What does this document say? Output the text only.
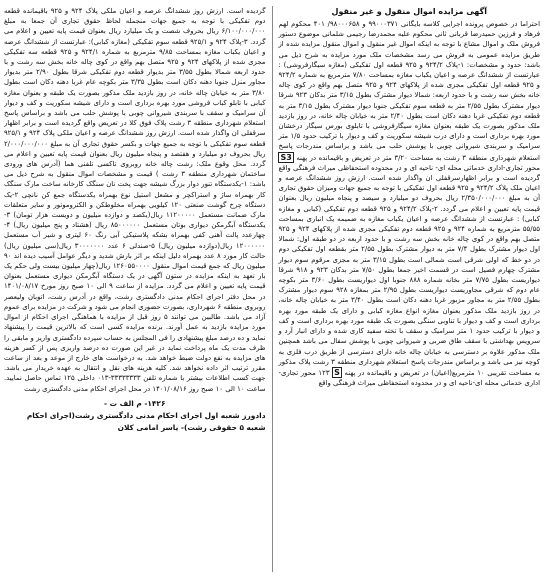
آگهی مزایده اموال منقول و غیر منقول

احتراما در خصوص پرونده اجرایی کلاسه بایگانی ۹۹۰۰۰۳۷۱ و ۹۸۰۰۰۶۵۸/ ۴۰۱ محکوم لهم فرهاد و فرزین حمیدرضا قربانی ثانی محکوم علیه محمدرضا رجیمی شلمانی موضوع دستور فروش ملک و اموال مشاع با توجه به اینکه اموال غیر منقول و اموال منقول مزایده شده از طریق مزایده عمومی به فروش می رسد مشخصات ملک مورد مزایده به شرح ذیل می باشد: حدود و مشخصات: ۱-پلاک ۹۲۴/۲ و ۹۲۵ قطعه اول تفکیکی (مغازه سیگارفروشی) : عبارتست از ششدانگ عرصه و اعیان یکباب مغازه بمساحت ۷/۸۰ مترمربع به شماره ۹۲۴/۲ و ۹۲۵ قطعه اول تفکیکی مجزی شده از پلاکهای ۹۲۴ و ۹۲۵ متصل بهم واقع در کوی چاله خانه بخش سه رشت و با حدود اربعه: شمالا دیوار مشترک بطول ۳/۱۵ متر بدکان ۹۲۳ شرقا دیوار مشترک بطول ۲/۵۵ متر به قطعه سوم تفکیکی جنوبا دیوار مشترک بطول ۳/۱۵ متر به قطعه دوم تفکیکی غربا دهنه دکان است بطول ۲/۴۰ متر به خیابان چاله خانه، در روز بازدید ملک مذکور بصورت یک طبقه بعنوان مغازه سیگارفروشی با تابلوی بورس سیگار درخشان مورد بهره برداری است و دارای درب شیشه سکوریت و کف و دیوار با ترکیب حدود ۱/۵ متر سرامیک و سربندی شیروانی چوبی با پوشش حلب می باشد و براساس مندرجات پاسخ استعلام شهرداری منطقه ۳ رشت به مساحت ۳/۲۰ متر در تعریض و باقیمانده در پهنه S3 محور تجاری-اداری خدماتی محله ای- ناحیه ای و در محدوده استحفاظی میراث فرهنگی واقع گردیده است و برابر اظهارسرقفلی ان واگذار شده است. ارزش روز ششدانگ عرصه و اعیان ملک پلاک ۹۲۴/۲ و ۹۲۵ قطعه اول تفکیکی با توجه به جمیع جهات ومیزان حقوق تجاری آن به مبلغ ۲/۳۵۰/۰۰۰/۰۰۰ ریال بحروف دو میلیارد و سیصد و پنجاه میلیون ریال بعنوان قیمت پایه تعیین و اعلام می گردد. ۲-پلاک ۹۲۴/۲ و ۹۲۵ قطعه دوم تفکیکی (کبابی و مغازه کبابی) : عبارتست از ششدانگ عرصه و اعیان یکباب مغازه به ضمیمه یک انباری بمساحت ۵۵/۵۵ مترمربع به شماره ۹۲۴ و ۹۲۵ قطعه دوم تفکیکی مجزی شده از پلاکهای ۹۲۴ و ۹۲۵ متصل بهم واقع در کوی چاله خانه بخش سه رشت و با حدود اربعه در دو طبقه اول: شمالا اول دیوار مشترک بطول ۷/۴ متر به دیوار مشترک بطول ۲/۵۵ متر بقطعه اول تفکیکی دوم در دو خط که اولی شرقی است شمالی است بطول ۳/۱۵ متر به مجزی مرقوم سوم دیوار مشترک چهارم فصیل است در قسمت اخیر جمعا بطول ۷/۵۰ متر بدکان ۹۲۳ و ۹۱۸ شرقا دیواریست بطول ۷/۷۵ متر بخانه شماره ۸۸۸ جنوبا اول دیواریست بطول ۳/۶۰ متر بکوچه عام دوم که شرقی مجاوریست دیواریست بطول ۲/۹۵ متر بمغازه ۹۲۸ سوم دیوار مشترک بطول ۲/۵۵ متر به مجاور مزبور غربا دهنه دکان است بطول ۳/۴۰ متر به خیابان چاله خانه، در روز بازدید ملک مذکور بعنوان مغازه انواع مغازه کبابی و دارای یک طبقه مورد بهره برداری است و کف و دیوار با تناوبی سنگی بصورت یک طبقه مورد بهره برداری است و کف و دیوار با ترکیب حدود ۱ متر سرامیک و سقف با تخته سفید کاری شده و دارای انبار آرد و سرویس بهداشتی با سقف طاق ضربی و شیروانی چوبی با پوشش سفال می باشد همچنین ملک مذکور علاوه بر دسترسی به خیابان چاله خانه دارای دسترسی از طریق درب فلزی به کوچه نیز می باشد و براساس مندرجات پاسخ استعلام شهرداری منطقه ۳ رشت پلاک مذکور به مساحت تقریبی ۱۰ مترمربع(اعیان) در تعریض و باقیمانده در پهنه S ۱۲۳ محور تجاری-اداری خدماتی محله ای-ناحیه ای و در محدوده استحفاظی میراث فرهنگی واقع

گردیده است. ارزش روز ششدانگ عرصه و اعیان ملکی پلاک ۹۲۴ و ۹۲۵ باقیمانده قطعه دوم تفکیکی با توجه به جمیع جهات منجمله لحاظ حقوق تجاری آن جمعا به مبلغ ۶/۱۰۰/۰۰۰/۰۰۰ ریال بحروف شصت و یک میلیارد ریال بعنوان قیمت پایه تعیین و اعلام می گردد. ۳-پلاک ۹۲۴ و ۹۲۵/۱ قطعه سوم تفکیکی (مغازه کبابی): عبارتست از ششدانگ عرصه و اعیان یکباب مغازه بمساحت ۹/۸۵ مترمربع به شماره ۹۲۴/۱ و ۹۲۵ قطعه سه تفکیکی مجزی شده از پلاکهای ۹۲۴ و ۹۲۵ متصل بهم واقع در کوی چاله خانه بخش سه رشت و با حدود اربعه شمالا بطول ۳/۵۵ متر بدیوار قطعه دوم تفکیکی شرقا بطول ۲/۹۰ متر بدیوار مجاور منزل جنوبا دهنه دکان است بطول ۳/۳۵ متر بکوچه عام غربا دهنه دکان است بطول ۳/۸۰ متر به خیابان چاله خانه، در روز بازدید ملک مذکور بصورت یک طبقه و بعنوان مغازه کبابی با تابلو کباب فروشی مورد بهره برداری است و دارای شیشه سکوریت و کف و دیوار آن سرامیک و سقف با سربندی شیروانی چوبی با پوشش حلب می باشد و براساس پاسخ استعلام شهرداری منطقه ۳ رشت پلاک فوق کلا در تعریض واقع گردیده است و برابر اظهار سرقفلی ان واگذار شده است. ارزش روز ششدانگ عرصه و اعیان ملکی پلاک ۹۲۴ و ۹۲۵/۱ قطعه سوم تفکیکی با توجه به جمیع جهات و بکسر حقوق تجاری آن به مبلغ ۲/۰۰۰/۰۰۰/۰۰۰ ریال بحروف دو میلیارد و هفتصد و پنجاه میلیون ریال بعنوان قیمت پایه تعیین و اعلام می گردد. محل وقوع ملک: رشت چاله خانه روبروی تاکسی تلفنی هما (آدرس های ورودی ساختمان شهرداری منطقه ۳ رشت ) قیمت و مشخصات اموال منقول به شرح ذیل می باشد: ۱-یکدستگاه تنور دوار بزرگ شیشه جهت پخت نان سنگک کارخانه ساخت مارک سنگک کار بهمراه ساژ و استراکچر و مشعل استیل نوع بهمراه یکدستگاه جمع کن نانچی ۲-یک دستگاه چرخ گوشت صنعتی ۱۲۰ کیلویی بهمراه مخلوطکن و الکتروموتور و سایر متعلقات مارک ضمانت مستعمل ۱۱۲۰۰۰۰۰ ریال(یکصد و دوازده میلیون و دویست هزار تومان) ۳-یکدستگاه آبگرمکن دیواری بوتان مستعمل ۸۵۰۰۰۰۰۰ ریال (هشتاد و پنج میلیون ریال) ۴-چهارعدد پالت آهنی کفی بهمراه بشکه پلاستیکی آبی رنگ ۶۰ لیتری و شیر آب مستعمل ۱۲۰۰۰۰۰۰ ریال(دوازده میلیون ریال) ۵-صندلی ۶ عدد ۳۰۰۰۰۰۰۰ ریال(سی میلیون ریال) حالت کار مورد ۸ عدد بهمراه دلیل اینکه بر اثر بارش شدید و دیگر عوامل آسیب دیده اند ۹۰ میلیون ریال که جمع قیمت اموال منقول ۱۲۶۰۵۵۰۰۰۰ ریال(چهار میلیون بیست ولی حکم یک بار تعهد به اینکه مزایده در ستون آگهی در یک دستگاه آبگرمکن دیواری مستعمل بعنوان قیمت پایه تعیین و اعلام می گردد. مزایده از ساعت ۹ الی ۱۰ صبح روز مورخ ۱۴۰۱/۰۸/۱۷ در محل دفتر اجرای احکام مدنی دادگستری رشت، واقع در آدرس رشت، اتوبان ولیعصر روبروی منطقه ۶ شهرداری، بصورت حضوری انجام می شود و شرکت در مزایده برای عموم آزاد می باشد. طالبین می توانند ۵ روز قبل از مزایده با هماهنگی اجرای احکام از اموال مورد مزایده بازدید به عمل آورند. برنده مزایده کسی است که بالاترین قیمت را پیشنهاد نماید و ده درصد مبلغ پیشنهادی را فی المجلس به حساب سپرده دادگستری واریز و مابقی را ظرف مدت یک ماه پرداخت نماید در غیر این صورت ده درصد واریزی پس از کسر هزینه های مزایده به نفع دولت ضبط خواهد شد. به درخواست های خارج از موعد و بعد از ساعت مقرر ترتیب اثر داده نخواهد شد. کلیه هزینه های نقل و انتقال به عهده خریدار می باشد. جهت کسب اطلاعات بیشتر با شماره تلفن ۳۳۳۳۳۳۳۳-۰۱۳ داخلی ۱۲۵ تماس حاصل نمایید. ساعت ۱۰ الی ۱۰ صبح روز ۱۴۰۱/۰۸/۱۶ در محل اجرای احکام مدنی دادگستری رشت

۱۴۲۶- م الف ت -
دادورز شعبه اول اجرای احکام مدنی دادگستری رشت(اجرای احکام
شعبه ۵ حقوقی رشت)- یاسر امامی کلان
